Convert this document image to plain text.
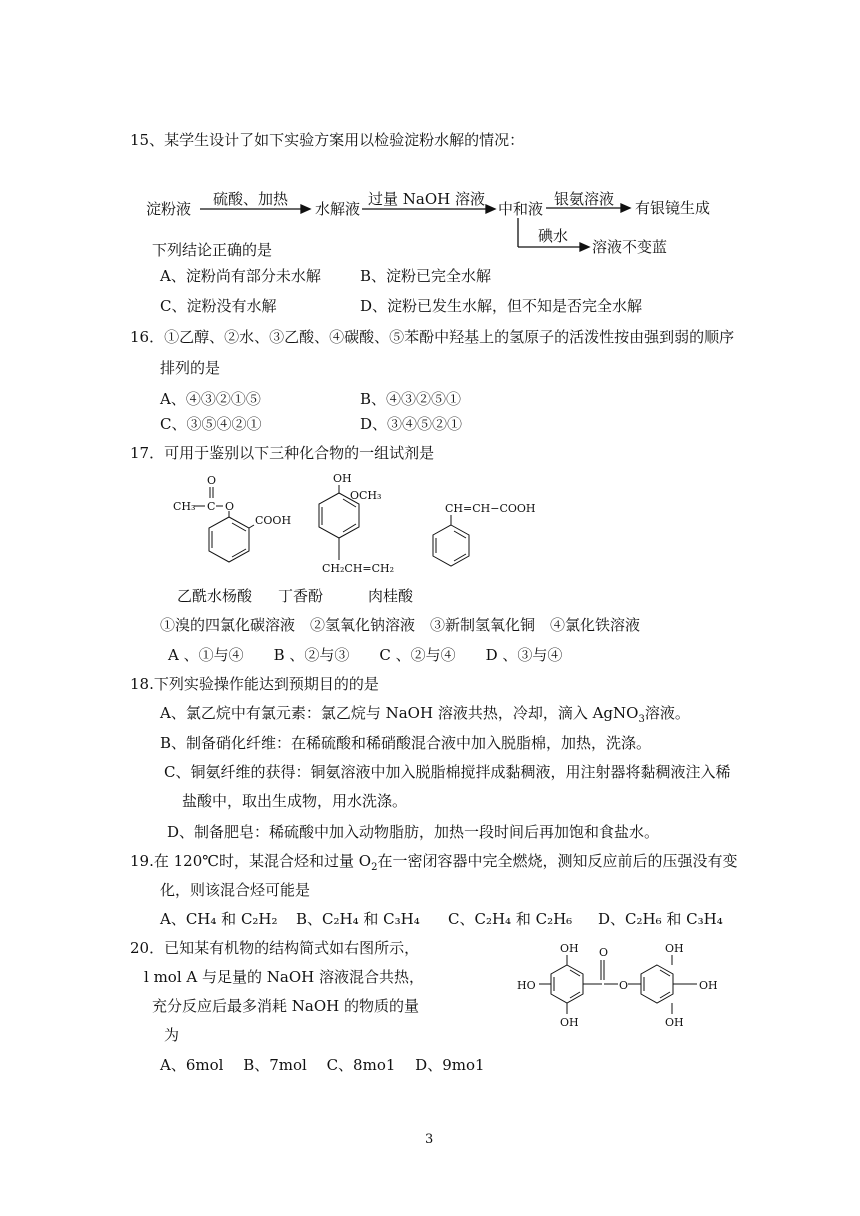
15、某学生设计了如下实验方案用以检验淀粉水解的情况：
淀粉液
硫酸、加热
水解液
过量 NaOH 溶液
中和液
银氨溶液 有银镜生成
碘水
溶液不变蓝
下列结论正确的是
A、淀粉尚有部分未水解	B、淀粉已完全水解
C、淀粉没有水解	D、淀粉已发生水解，但不知是否完全水解
16．①乙醇、②水、③乙酸、④碳酸、⑤苯酚中羟基上的氢原子的活泼性按由强到弱的顺序
排列的是
A、④③②①⑤	B、④③②⑤①
C、③⑤④②①	D、③④⑤②①
17．可用于鉴别以下三种化合物的一组试剂是
CH₃ C
O
O
COOH
OH
OCH₃
CH₂CH=CH₂
CH=CH−COOH
乙酰水杨酸 丁香酚	肉桂酸
①溴的四氯化碳溶液　②氢氧化钠溶液　③新制氢氧化铜　④氯化铁溶液
A 、①与④　　B 、②与③　　C 、②与④　　D 、③与④
18.下列实验操作能达到预期目的的是
A、氯乙烷中有氯元素：氯乙烷与 NaOH 溶液共热，冷却，滴入 AgNO$_3$溶液。
B、制备硝化纤维：在稀硫酸和稀硝酸混合液中加入脱脂棉，加热，洗涤。
C、铜氨纤维的获得：铜氨溶液中加入脱脂棉搅拌成黏稠液，用注射器将黏稠液注入稀
盐酸中，取出生成物，用水洗涤。
D、制备肥皂：稀硫酸中加入动物脂肪，加热一段时间后再加饱和食盐水。
19.在 120℃时，某混合烃和过量 $O_2$在一密闭容器中完全燃烧，测知反应前后的压强没有变
化，则该混合烃可能是
A、CH₄ 和 C₂H₂ B、C₂H₄ 和 C₃H₄ C、C₂H₄ 和 C₂H₆ D、C₂H₆ 和 C₃H₄
20．已知某有机物的结构简式如右图所示，
l mol A 与足量的 NaOH 溶液混合共热，
充分反应后最多消耗 NaOH 的物质的量
为
A、6mol　 B、7mol　 C、8mo1　 D、9mo1
OH
HO
OH
O
O
OH
OH
OH
3
